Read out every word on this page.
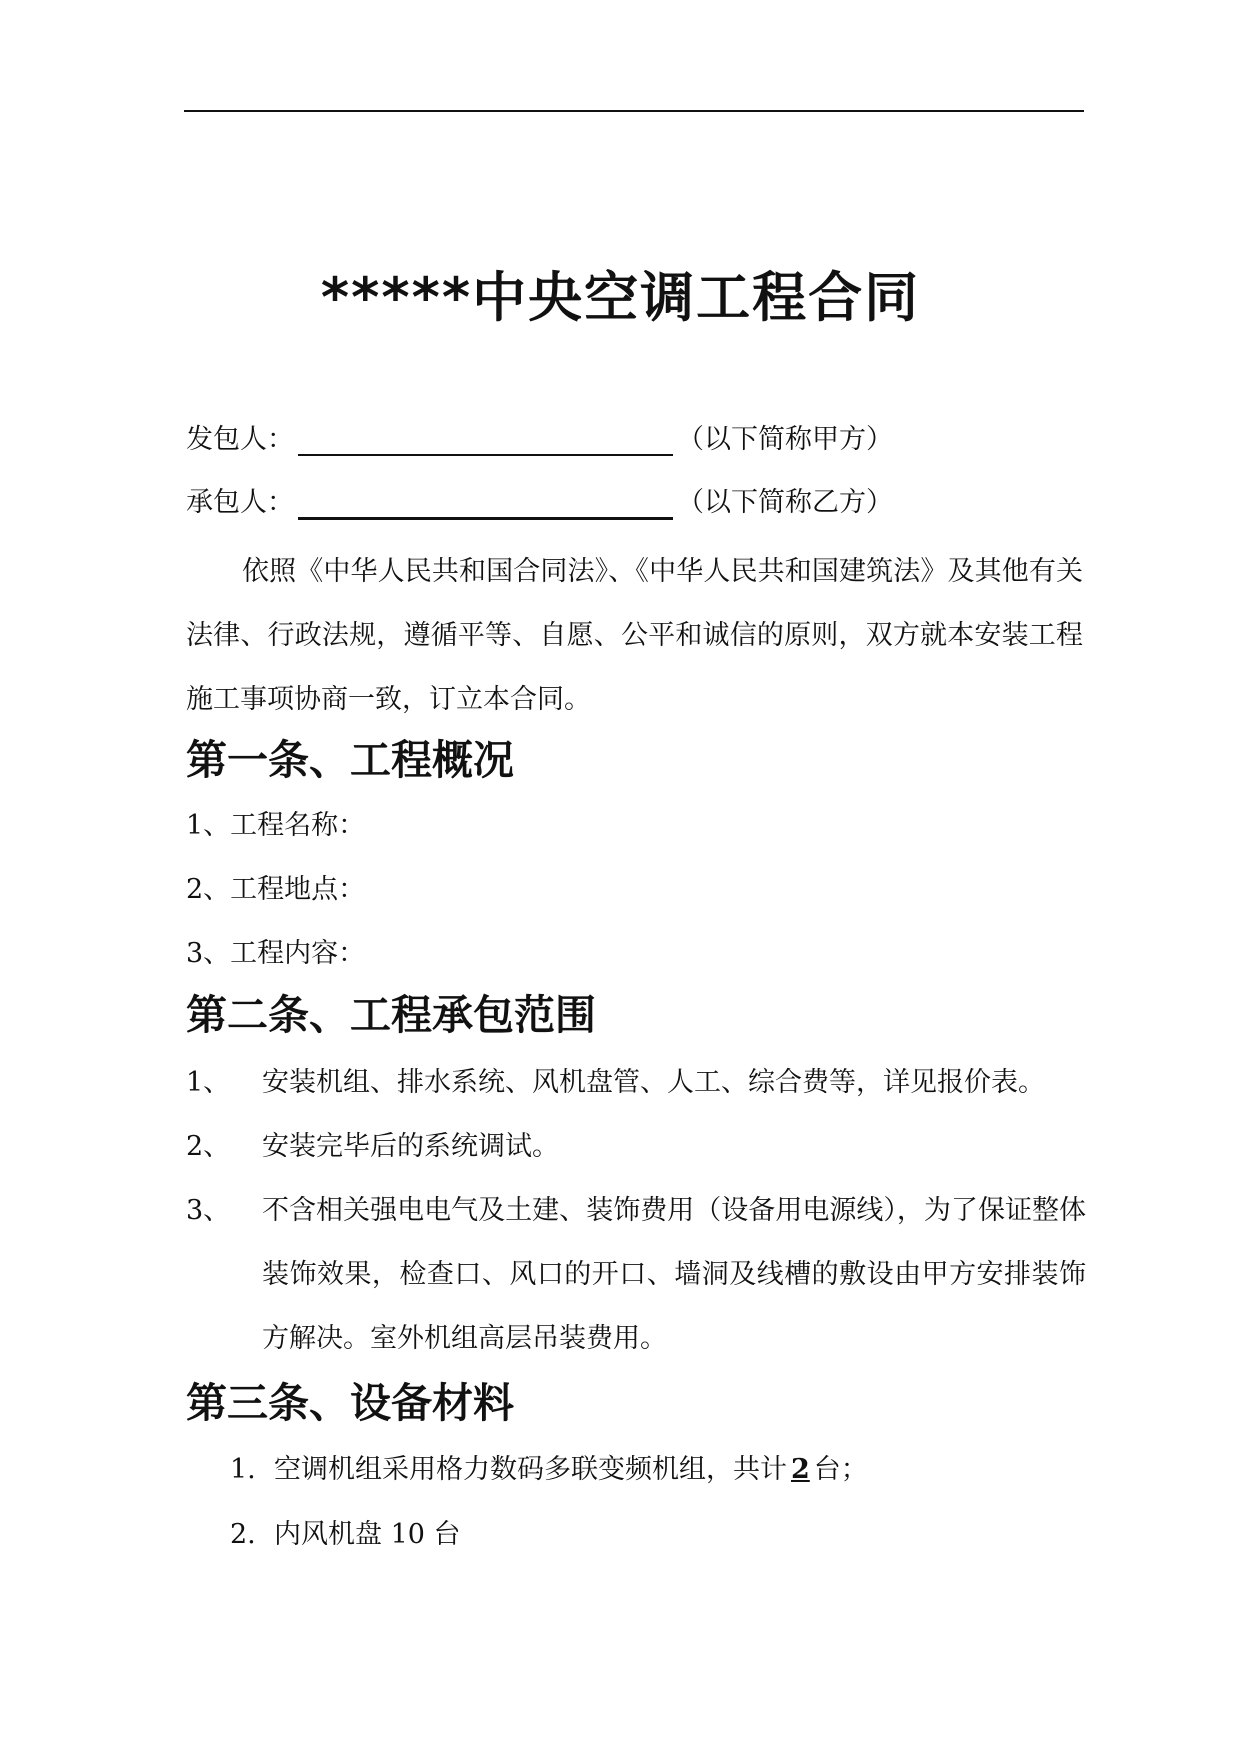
*****中央空调工程合同
发包人：	（以下简称甲方）
承包人：	（以下简称乙方）
依照《中华人民共和国合同法》、《中华人民共和国建筑法》及其他有关法律、行政法规，遵循平等、自愿、公平和诚信的原则，双方就本安装工程施工事项协商一致，订立本合同。
第一条、工程概况
1、工程名称：
2、工程地点：
3、工程内容：
第二条、工程承包范围
1、	安装机组、排水系统、风机盘管、人工、综合费等，详见报价表。
2、	安装完毕后的系统调试。
3、	不含相关强电电气及土建、装饰费用（设备用电源线），为了保证整体装饰效果，检查口、风口的开口、墙洞及线槽的敷设由甲方安排装饰方解决。室外机组高层吊装费用。
第三条、设备材料
1. 空调机组采用格力数码多联变频机组，共计 2 台；
2. 内风机盘 10 台
